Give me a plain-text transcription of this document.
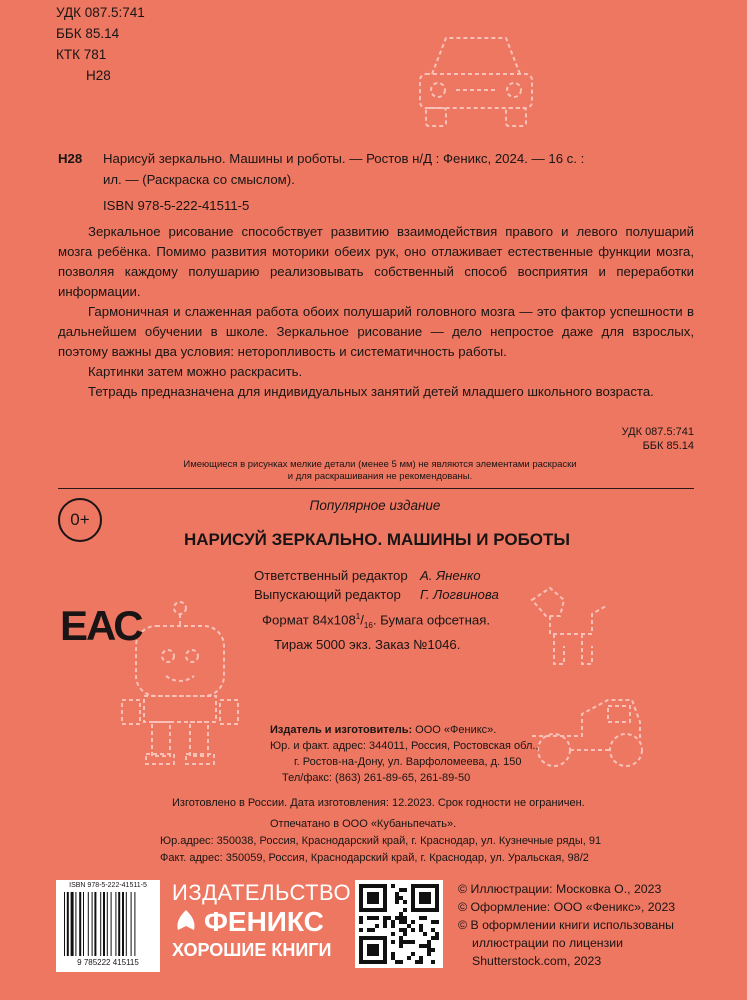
УДК 087.5:741
ББК 85.14
КТК 781
Н28
Н28 Нарисуй зеркально. Машины и роботы. — Ростов н/Д : Феникс, 2024. — 16 с. :
ил. — (Раскраска со смыслом).
ISBN 978-5-222-41511-5

Зеркальное рисование способствует развитию взаимодействия правого и левого полушарий мозга ребёнка. Помимо развития моторики обеих рук, оно отлаживает естественные функции мозга, позволяя каждому полушарию реализовывать собственный способ восприятия и переработки информации.

Гармоничная и слаженная работа обоих полушарий головного мозга — это фактор успешности в дальнейшем обучении в школе. Зеркальное рисование — дело непростое даже для взрослых, поэтому важны два условия: неторопливость и систематичность работы.

Картинки затем можно раскрасить.

Тетрадь предназначена для индивидуальных занятий детей младшего школьного возраста.

УДК 087.5:741
ББК 85.14
Имеющиеся в рисунках мелкие детали (менее 5 мм) не являются элементами раскраски
и для раскрашивания не рекомендованы.
0+
Популярное издание
НАРИСУЙ ЗЕРКАЛЬНО. МАШИНЫ И РОБОТЫ
Ответственный редактор А. Яненко
Выпускающий редактор Г. Логвинова
Формат $84х108^1/_{16}$. Бумага офсетная.
Тираж 5000 экз. Заказ №1046.
ЕАС
Издатель и изготовитель: ООО «Феникс».
Юр. и факт. адрес: 344011, Россия, Ростовская обл.,
г. Ростов-на-Дону, ул. Варфоломеева, д. 150
Тел/факс: (863) 261-89-65, 261-89-50
Изготовлено в России. Дата изготовления: 12.2023. Срок годности не ограничен.
Отпечатано в ООО «Кубаньпечать».
Юр.адрес: 350038, Россия, Краснодарский край, г. Краснодар, ул. Кузнечные ряды, 91
Факт. адрес: 350059, Россия, Краснодарский край, г. Краснодар, ул. Уральская, 98/2
ISBN 978-5-222-41511-5
9 785222 415115
ИЗДАТЕЛЬСТВО
ФЕНИКС
ХОРОШИЕ КНИГИ
© Иллюстрации: Московка О., 2023
© Оформление: ООО «Феникс», 2023
© В оформлении книги использованы
иллюстрации по лицензии
Shutterstock.com, 2023
